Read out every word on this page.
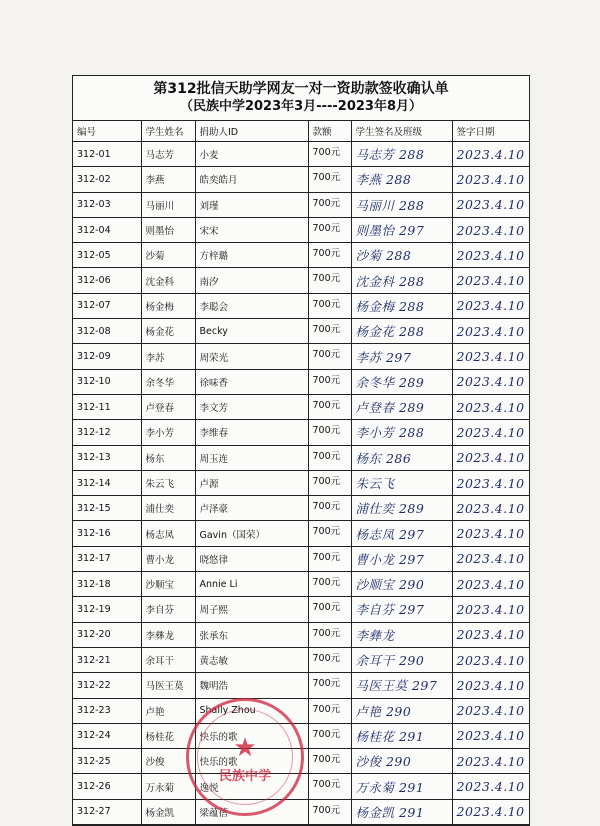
第312批信天助学网友一对一资助款签收确认单
（民族中学2023年3月----2023年8月）
编号	学生姓名	捐助人ID	款额	学生签名及班级	签字日期
312-01	马志芳	小麦	700元	马志芳 288	2023.4.10
312-02	李燕	皓奕皓月	700元	李燕 288	2023.4.10
312-03	马丽川	刘瑾	700元	马丽川 288	2023.4.10
312-04	则墨怡	宋宋	700元	则墨怡 297	2023.4.10
312-05	沙菊	方梓璐	700元	沙菊 288	2023.4.10
312-06	沈金科	南汐	700元	沈金科 288	2023.4.10
312-07	杨金梅	李聪会	700元	杨金梅 288	2023.4.10
312-08	杨金花	Becky	700元	杨金花 288	2023.4.10
312-09	李苏	周荣光	700元	李苏 297	2023.4.10
312-10	余冬华	徐味香	700元	余冬华 289	2023.4.10
312-11	卢登春	李文芳	700元	卢登春 289	2023.4.10
312-12	李小芳	李维春	700元	李小芳 288	2023.4.10
312-13	杨东	周玉连	700元	杨东 286	2023.4.10
312-14	朱云飞	卢源	700元	朱云飞	2023.4.10
312-15	浦仕奕	卢泽豪	700元	浦仕奕 289	2023.4.10
312-16	杨志凤	Gavin（国荣）	700元	杨志凤 297	2023.4.10
312-17	曹小龙	晓悠律	700元	曹小龙 297	2023.4.10
312-18	沙顺宝	Annie Li	700元	沙顺宝 290	2023.4.10
312-19	李自芬	周子熙	700元	李自芬 297	2023.4.10
312-20	李彝龙	张承东	700元	李彝龙	2023.4.10
312-21	余耳干	黄志敏	700元	余耳干 290	2023.4.10
312-22	马医王莫	魏明浩	700元	马医王莫 297	2023.4.10
312-23	卢艳	Shally Zhou	700元	卢艳 290	2023.4.10
312-24	杨桂花	快乐的歌	700元	杨桂花 291	2023.4.10
312-25	沙俊	快乐的歌	700元	沙俊 290	2023.4.10
312-26	万永菊	逸悦	700元	万永菊 291	2023.4.10
312-27	杨金凯	梁蕴蓓	700元	杨金凯 291	2023.4.10
★
民族中学
